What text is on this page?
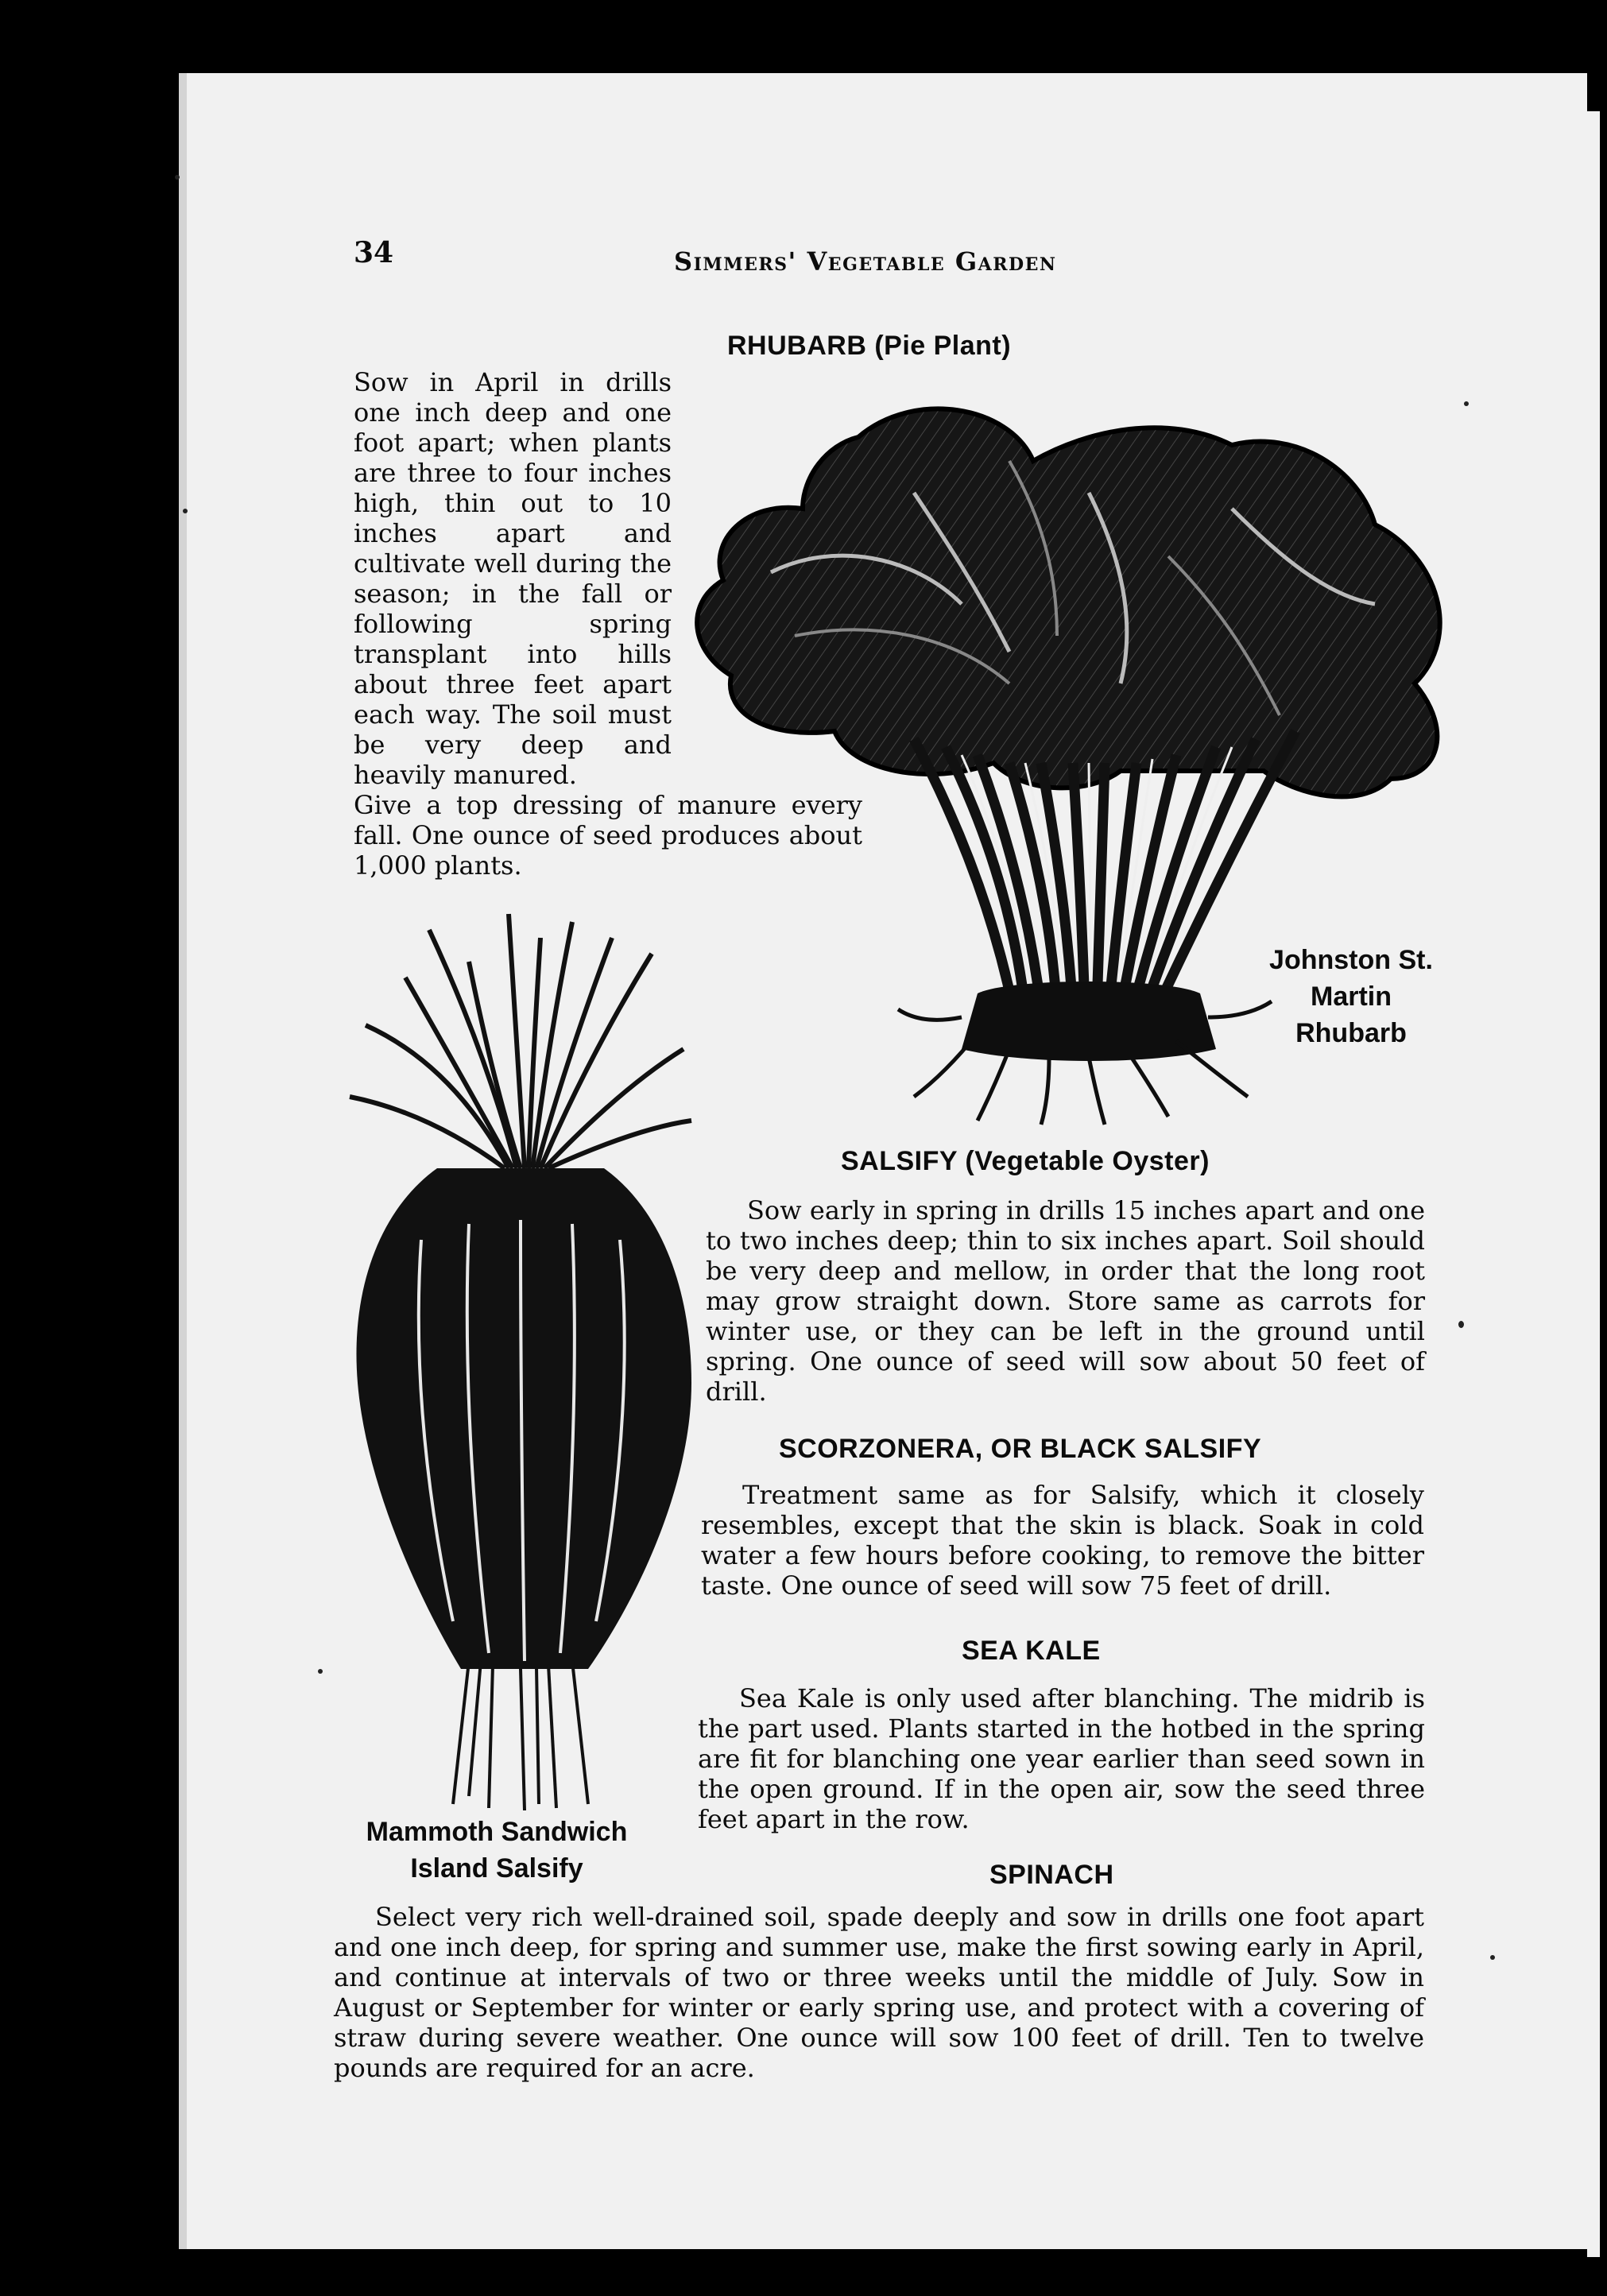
34	Simmers' Vegetable Garden
RHUBARB (Pie Plant)

Sow in April in drills one inch deep and one foot apart; when plants are three to four inches high, thin out to 10 inches apart and cultivate well during the season; in the fall or following spring transplant into hills about three feet apart each way. The soil must be very deep and heavily manured.

Give a top dressing of manure every fall. One ounce of seed produces about 1,000 plants.

Johnston St. Martin Rhubarb
Mammoth Sandwich Island Salsify
SALSIFY (Vegetable Oyster)

Sow early in spring in drills 15 inches apart and one to two inches deep; thin to six inches apart. Soil should be very deep and mellow, in order that the long root may grow straight down. Store same as carrots for winter use, or they can be left in the ground until spring. One ounce of seed will sow about 50 feet of drill.

SCORZONERA, OR BLACK SALSIFY

Treatment same as for Salsify, which it closely resembles, except that the skin is black. Soak in cold water a few hours before cooking, to remove the bitter taste. One ounce of seed will sow 75 feet of drill.

SEA KALE

Sea Kale is only used after blanching. The midrib is the part used. Plants started in the hotbed in the spring are fit for blanching one year earlier than seed sown in the open ground. If in the open air, sow the seed three feet apart in the row.

SPINACH

Select very rich well-drained soil, spade deeply and sow in drills one foot apart and one inch deep, for spring and summer use, make the first sowing early in April, and continue at intervals of two or three weeks until the middle of July. Sow in August or September for winter or early spring use, and protect with a covering of straw during severe weather. One ounce will sow 100 feet of drill. Ten to twelve pounds are required for an acre.
